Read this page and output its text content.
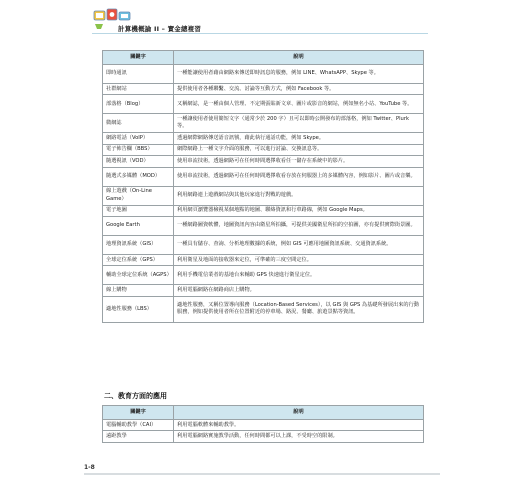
計算機概論 II – 實金總複習
關鍵字	說明
即時通訊	一種能讓使用者藉由網路來傳送即時訊息的服務，例如 LINE、WhatsAPP、Skype 等。
社群網站	提供使用者各種聯繫、交流、討論等互動方式，例如 Facebook 等。
部落格（Blog）	又稱網誌，是一種由個人管理、不定期張貼新文章、圖片或影音的網站，例如無名小站、YouTube 等。
微網誌	一種讓使用者使用簡短文字（通常少於 200 字）且可以即時公開發布的部落格，例如 Twitter、Plurk 等。
網路電話（VoIP）	透過網際網路傳送語音訊號，藉此執行通話功能，例如 Skype。
電子佈告欄（BBS）	網際網路上一種文字介面的服務，可以進行討論、交換訊息等。
隨選視訊（VOD）	使用串流技術，透過網路可在任何時間選擇收看任一儲存在系統中的影片。
隨選式多媒體（MOD）	使用串流技術，透過網路可在任何時間選擇收看存放在伺服器上的多媒體內容，例如影片、圖片或音樂。
線上遊戲（On-Line Game）	利用網路連上遊戲網站與其他玩家進行對戰的遊戲。
電子地圖	利用網頁瀏覽器檢視某個地點的地圖、聯絡資訊和行車路線，例如 Google Maps。
Google Earth	一種網路圖資軟體，地圖資訊內容由衛星所拍攝，可提供美國衛星所拍的空拍圖，亦有提供實際街景圖。
地理資訊系統（GIS）	一種具有儲存、查詢、分析地理數據的系統，例如 GIS 可應用地圖資訊系統、交通資訊系統。
全球定位系統（GPS）	利用衛星及地面的接收器來定位，可準確的三度空間定位。
輔助全球定位系統（AGPS）	利用手機電信業者的基地台來輔助 GPS 快速進行衛星定位。
線上購物	利用電腦網路在網路商店上購物。
適地性服務（LBS）	適地性服務，又稱位置導向服務（Location-Based Services），以 GIS 與 GPS 為基礎所發展出來的行動服務，例如提供使用者所在位置附近的停車場、路況、餐廳、旅遊景點等資訊。
二、教育方面的應用
關鍵字	說明
電腦輔助教學（CAI）	利用電腦軟體來輔助教學。
遠距教學	利用電腦網路實施教學活動，任何時間都可以上課，不受時空的限制。
1-8
